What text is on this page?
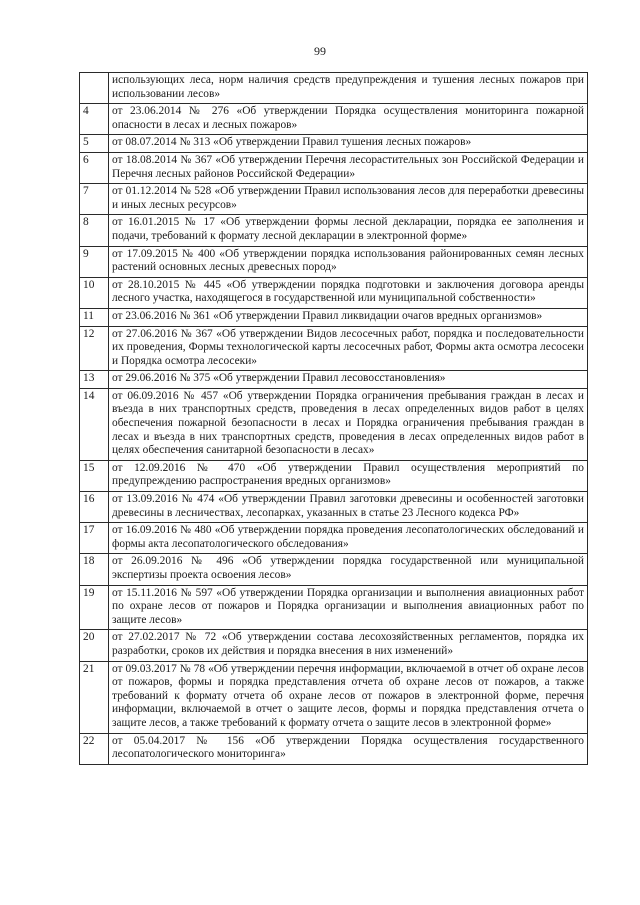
99
	использующих леса, норм наличия средств предупреждения и тушения лесных пожаров при использовании лесов»
4	от 23.06.2014 № 276 «Об утверждении Порядка осуществления мониторинга пожарной опасности в лесах и лесных пожаров»
5	от 08.07.2014 № 313 «Об утверждении Правил тушения лесных пожаров»
6	от 18.08.2014 № 367 «Об утверждении Перечня лесорастительных зон Российской Федерации и Перечня лесных районов Российской Федерации»
7	от 01.12.2014 № 528 «Об утверждении Правил использования лесов для переработки древесины и иных лесных ресурсов»
8	от 16.01.2015 № 17 «Об утверждении формы лесной декларации, порядка ее заполнения и подачи, требований к формату лесной декларации в электронной форме»
9	от 17.09.2015 № 400 «Об утверждении порядка использования районированных семян лесных растений основных лесных древесных пород»
10	от 28.10.2015 № 445 «Об утверждении порядка подготовки и заключения договора аренды лесного участка, находящегося в государственной или муниципальной собственности»
11	от 23.06.2016 № 361 «Об утверждении Правил ликвидации очагов вредных организмов»
12	от 27.06.2016 № 367 «Об утверждении Видов лесосечных работ, порядка и последовательности их проведения, Формы технологической карты лесосечных работ, Формы акта осмотра лесосеки и Порядка осмотра лесосеки»
13	от 29.06.2016 № 375 «Об утверждении Правил лесовосстановления»
14	от 06.09.2016 № 457 «Об утверждении Порядка ограничения пребывания граждан в лесах и въезда в них транспортных средств, проведения в лесах определенных видов работ в целях обеспечения пожарной безопасности в лесах и Порядка ограничения пребывания граждан в лесах и въезда в них транспортных средств, проведения в лесах определенных видов работ в целях обеспечения санитарной безопасности в лесах»
15	от 12.09.2016 № 470 «Об утверждении Правил осуществления мероприятий по предупреждению распространения вредных организмов»
16	от 13.09.2016 № 474 «Об утверждении Правил заготовки древесины и особенностей заготовки древесины в лесничествах, лесопарках, указанных в статье 23 Лесного кодекса РФ»
17	от 16.09.2016 № 480 «Об утверждении порядка проведения лесопатологических обследований и формы акта лесопатологического обследования»
18	от 26.09.2016 № 496 «Об утверждении порядка государственной или муниципальной экспертизы проекта освоения лесов»
19	от 15.11.2016 № 597 «Об утверждении Порядка организации и выполнения авиационных работ по охране лесов от пожаров и Порядка организации и выполнения авиационных работ по защите лесов»
20	от 27.02.2017 № 72 «Об утверждении состава лесохозяйственных регламентов, порядка их разработки, сроков их действия и порядка внесения в них изменений»
21	от 09.03.2017 № 78 «Об утверждении перечня информации, включаемой в отчет об охране лесов от пожаров, формы и порядка представления отчета об охране лесов от пожаров, а также требований к формату отчета об охране лесов от пожаров в электронной форме, перечня информации, включаемой в отчет о защите лесов, формы и порядка представления отчета о защите лесов, а также требований к формату отчета о защите лесов в электронной форме»
22	от 05.04.2017 № 156 «Об утверждении Порядка осуществления государственного лесопатологического мониторинга»
